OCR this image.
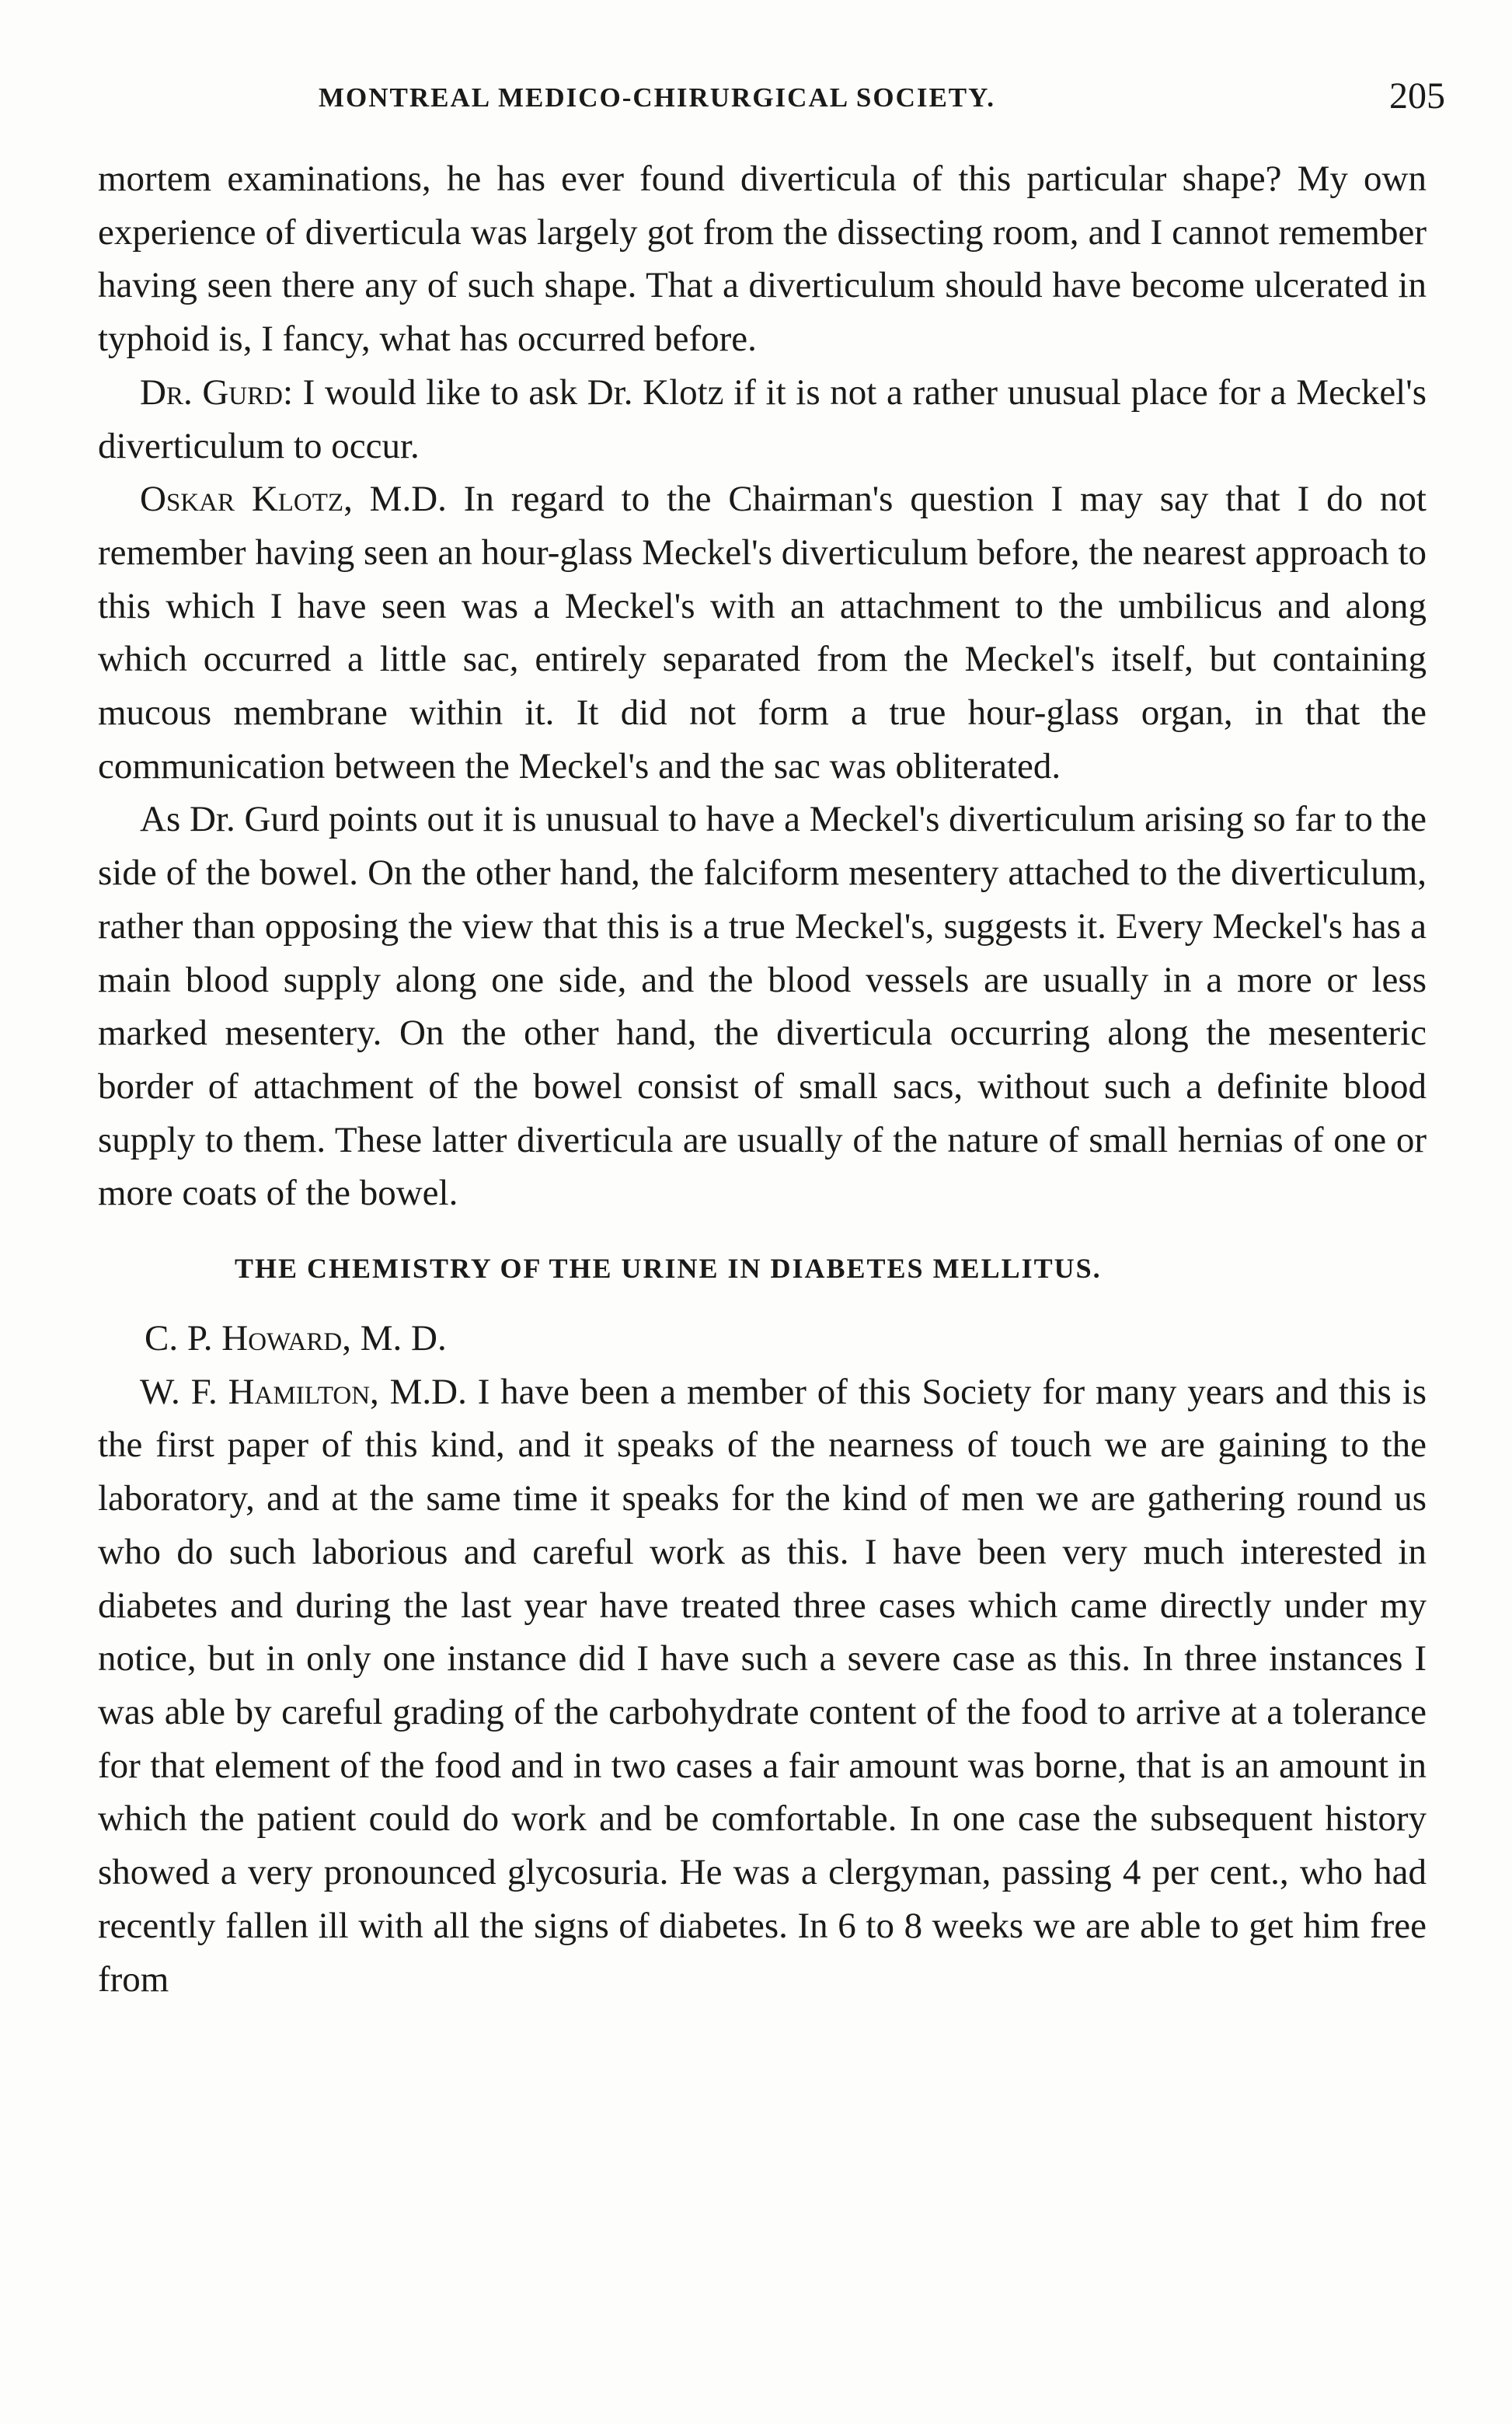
MONTREAL MEDICO-CHIRURGICAL SOCIETY.	205

mortem examinations, he has ever found diverticula of this particular shape? My own experience of diverticula was largely got from the dissecting room, and I cannot remember having seen there any of such shape. That a diverticulum should have become ulcerated in typhoid is, I fancy, what has occurred before.

Dr. Gurd: I would like to ask Dr. Klotz if it is not a rather unusual place for a Meckel's diverticulum to occur.

Oskar Klotz, M.D. In regard to the Chairman's question I may say that I do not remember having seen an hour-glass Meckel's diverticulum before, the nearest approach to this which I have seen was a Meckel's with an attachment to the umbilicus and along which occurred a little sac, entirely separated from the Meckel's itself, but containing mucous membrane within it. It did not form a true hour-glass organ, in that the communication between the Meckel's and the sac was obliterated.

As Dr. Gurd points out it is unusual to have a Meckel's diverticulum arising so far to the side of the bowel. On the other hand, the falciform mesentery attached to the diverticulum, rather than opposing the view that this is a true Meckel's, suggests it. Every Meckel's has a main blood supply along one side, and the blood vessels are usually in a more or less marked mesentery. On the other hand, the diverticula occurring along the mesenteric border of attachment of the bowel consist of small sacs, without such a definite blood supply to them. These latter diverticula are usually of the nature of small hernias of one or more coats of the bowel.

THE CHEMISTRY OF THE URINE IN DIABETES MELLITUS.

C. P. Howard, M. D.

W. F. Hamilton, M.D. I have been a member of this Society for many years and this is the first paper of this kind, and it speaks of the nearness of touch we are gaining to the laboratory, and at the same time it speaks for the kind of men we are gathering round us who do such laborious and careful work as this. I have been very much interested in diabetes and during the last year have treated three cases which came directly under my notice, but in only one instance did I have such a severe case as this. In three instances I was able by careful grading of the carbohydrate content of the food to arrive at a tolerance for that element of the food and in two cases a fair amount was borne, that is an amount in which the patient could do work and be comfortable. In one case the subsequent history showed a very pronounced glycosuria. He was a clergyman, passing 4 per cent., who had recently fallen ill with all the signs of diabetes. In 6 to 8 weeks we are able to get him free from
